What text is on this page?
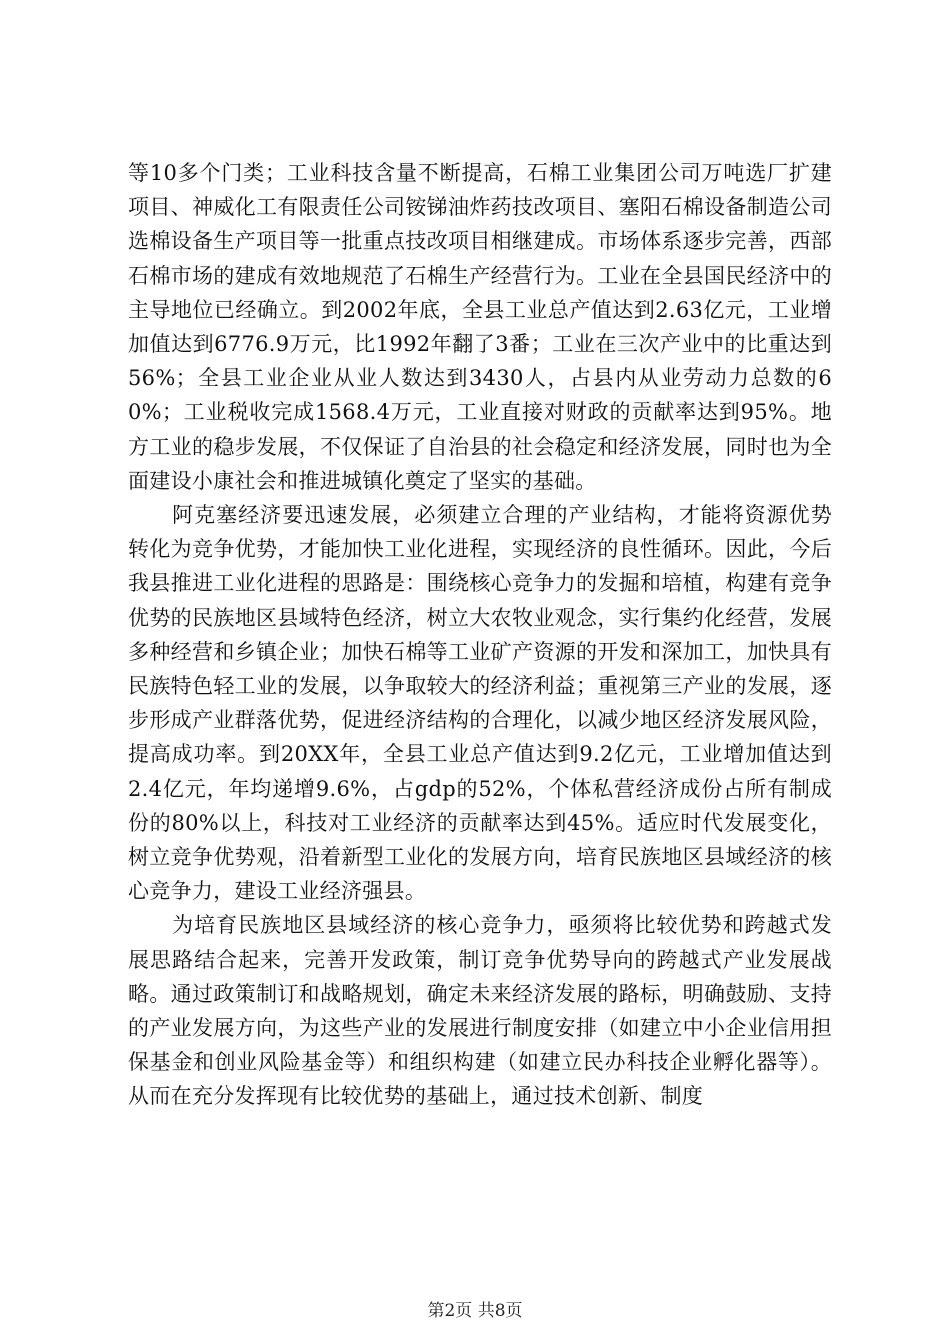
等10多个门类；工业科技含量不断提高，石棉工业集团公司万吨选厂扩建项目、神威化工有限责任公司铵锑油炸药技改项目、塞阳石棉设备制造公司选棉设备生产项目等一批重点技改项目相继建成。市场体系逐步完善，西部石棉市场的建成有效地规范了石棉生产经营行为。工业在全县国民经济中的主导地位已经确立。到2002年底，全县工业总产值达到2.63亿元，工业增加值达到6776.9万元，比1992年翻了3番；工业在三次产业中的比重达到56%；全县工业企业从业人数达到3430人，占县内从业劳动力总数的60%；工业税收完成1568.4万元，工业直接对财政的贡献率达到95%。地方工业的稳步发展，不仅保证了自治县的社会稳定和经济发展，同时也为全面建设小康社会和推进城镇化奠定了坚实的基础。

阿克塞经济要迅速发展，必须建立合理的产业结构，才能将资源优势转化为竞争优势，才能加快工业化进程，实现经济的良性循环。因此，今后我县推进工业化进程的思路是：围绕核心竞争力的发掘和培植，构建有竞争优势的民族地区县域特色经济，树立大农牧业观念，实行集约化经营，发展多种经营和乡镇企业；加快石棉等工业矿产资源的开发和深加工，加快具有民族特色轻工业的发展，以争取较大的经济利益；重视第三产业的发展，逐步形成产业群落优势，促进经济结构的合理化，以减少地区经济发展风险，提高成功率。到20XX年，全县工业总产值达到9.2亿元，工业增加值达到2.4亿元，年均递增9.6%，占gdp的52%，个体私营经济成份占所有制成份的80%以上，科技对工业经济的贡献率达到45%。适应时代发展变化，树立竞争优势观，沿着新型工业化的发展方向，培育民族地区县域经济的核心竞争力，建设工业经济强县。

为培育民族地区县域经济的核心竞争力，亟须将比较优势和跨越式发展思路结合起来，完善开发政策，制订竞争优势导向的跨越式产业发展战略。通过政策制订和战略规划，确定未来经济发展的路标，明确鼓励、支持的产业发展方向，为这些产业的发展进行制度安排（如建立中小企业信用担保基金和创业风险基金等）和组织构建（如建立民办科技企业孵化器等）。从而在充分发挥现有比较优势的基础上，通过技术创新、制度

第2页 共8页
